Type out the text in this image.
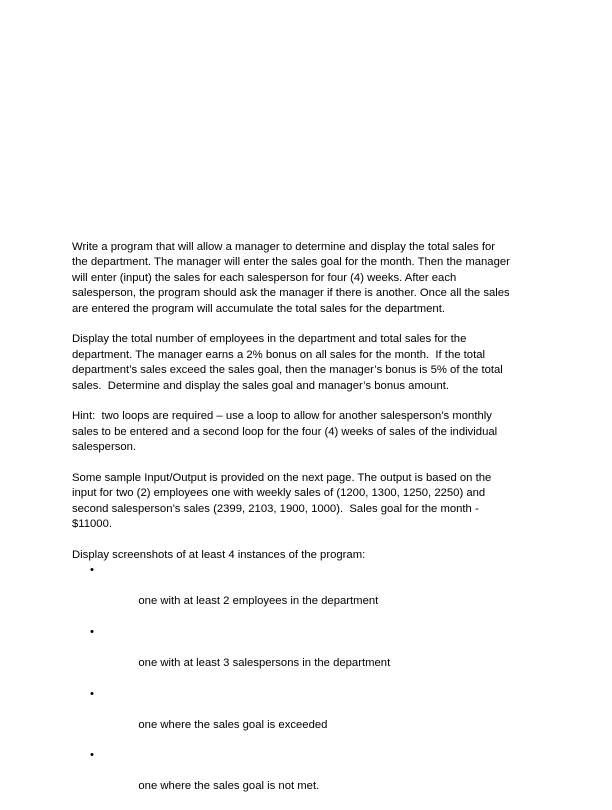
Write a program that will allow a manager to determine and display the total sales for
the department. The manager will enter the sales goal for the month. Then the manager
will enter (input) the sales for each salesperson for four (4) weeks. After each
salesperson, the program should ask the manager if there is another. Once all the sales
are entered the program will accumulate the total sales for the department.

Display the total number of employees in the department and total sales for the
department. The manager earns a 2% bonus on all sales for the month.  If the total
department’s sales exceed the sales goal, then the manager’s bonus is 5% of the total
sales.  Determine and display the sales goal and manager’s bonus amount.

Hint:  two loops are required – use a loop to allow for another salesperson’s monthly
sales to be entered and a second loop for the four (4) weeks of sales of the individual
salesperson.

Some sample Input/Output is provided on the next page. The output is based on the
input for two (2) employees one with weekly sales of (1200, 1300, 1250, 2250) and
second salesperson’s sales (2399, 2103, 1900, 1000).  Sales goal for the month -
$11000.

Display screenshots of at least 4 instances of the program:

•

one with at least 2 employees in the department

•

one with at least 3 salespersons in the department

•

one where the sales goal is exceeded

•

one where the sales goal is not met.
